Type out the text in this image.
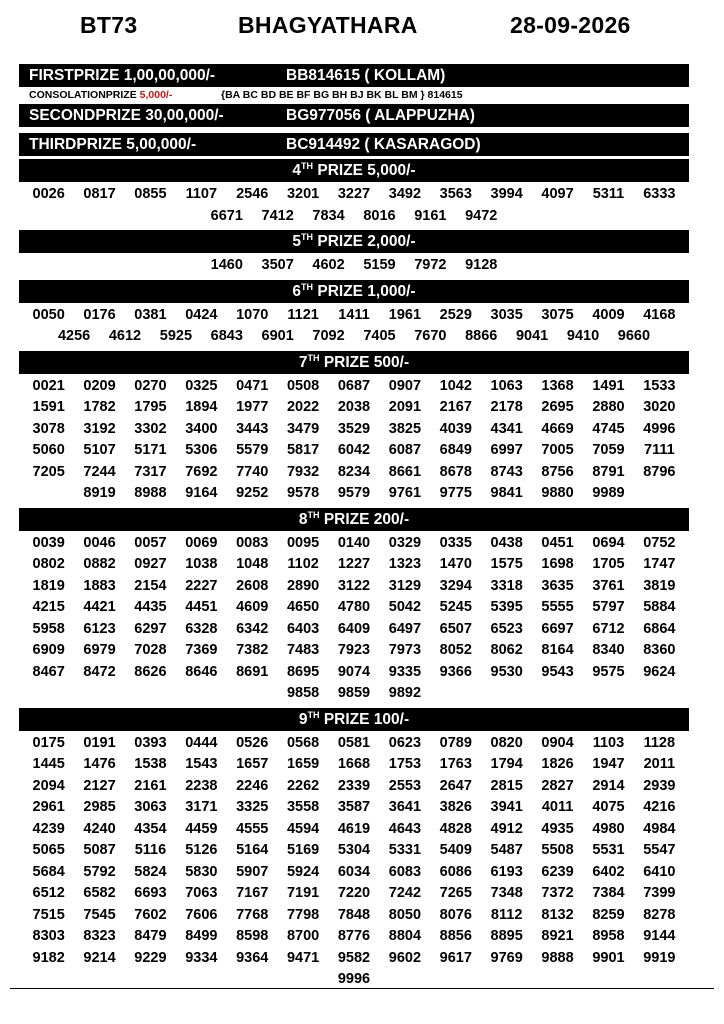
BT73	BHAGYATHARA	28-09-2026
FIRSTPRIZE 1,00,00,000/-	BB814615 ( KOLLAM)
CONSOLATIONPRIZE 5,000/-	{BA BC BD BE BF BG BH BJ BK BL BM } 814615
SECONDPRIZE 30,00,000/-	BG977056 ( ALAPPUZHA)
THIRDPRIZE 5,00,000/-	BC914492 ( KASARAGOD)
4TH PRIZE 5,000/-
0026	0817	0855	1107	2546	3201	3227	3492	3563	3994	4097	5311	6333
6671	7412	7834	8016	9161	9472
5TH PRIZE 2,000/-
1460	3507	4602	5159	7972	9128
6TH PRIZE 1,000/-
0050	0176	0381	0424	1070	1121	1411	1961	2529	3035	3075	4009	4168
4256	4612	5925	6843	6901	7092	7405	7670	8866	9041	9410	9660
7TH PRIZE 500/-
0021	0209	0270	0325	0471	0508	0687	0907	1042	1063	1368	1491	1533
1591	1782	1795	1894	1977	2022	2038	2091	2167	2178	2695	2880	3020
3078	3192	3302	3400	3443	3479	3529	3825	4039	4341	4669	4745	4996
5060	5107	5171	5306	5579	5817	6042	6087	6849	6997	7005	7059	7111
7205	7244	7317	7692	7740	7932	8234	8661	8678	8743	8756	8791	8796
8919	8988	9164	9252	9578	9579	9761	9775	9841	9880	9989
8TH PRIZE 200/-
0039	0046	0057	0069	0083	0095	0140	0329	0335	0438	0451	0694	0752
0802	0882	0927	1038	1048	1102	1227	1323	1470	1575	1698	1705	1747
1819	1883	2154	2227	2608	2890	3122	3129	3294	3318	3635	3761	3819
4215	4421	4435	4451	4609	4650	4780	5042	5245	5395	5555	5797	5884
5958	6123	6297	6328	6342	6403	6409	6497	6507	6523	6697	6712	6864
6909	6979	7028	7369	7382	7483	7923	7973	8052	8062	8164	8340	8360
8467	8472	8626	8646	8691	8695	9074	9335	9366	9530	9543	9575	9624
9858	9859	9892
9TH PRIZE 100/-
0175	0191	0393	0444	0526	0568	0581	0623	0789	0820	0904	1103	1128
1445	1476	1538	1543	1657	1659	1668	1753	1763	1794	1826	1947	2011
2094	2127	2161	2238	2246	2262	2339	2553	2647	2815	2827	2914	2939
2961	2985	3063	3171	3325	3558	3587	3641	3826	3941	4011	4075	4216
4239	4240	4354	4459	4555	4594	4619	4643	4828	4912	4935	4980	4984
5065	5087	5116	5126	5164	5169	5304	5331	5409	5487	5508	5531	5547
5684	5792	5824	5830	5907	5924	6034	6083	6086	6193	6239	6402	6410
6512	6582	6693	7063	7167	7191	7220	7242	7265	7348	7372	7384	7399
7515	7545	7602	7606	7768	7798	7848	8050	8076	8112	8132	8259	8278
8303	8323	8479	8499	8598	8700	8776	8804	8856	8895	8921	8958	9144
9182	9214	9229	9334	9364	9471	9582	9602	9617	9769	9888	9901	9919
9996
